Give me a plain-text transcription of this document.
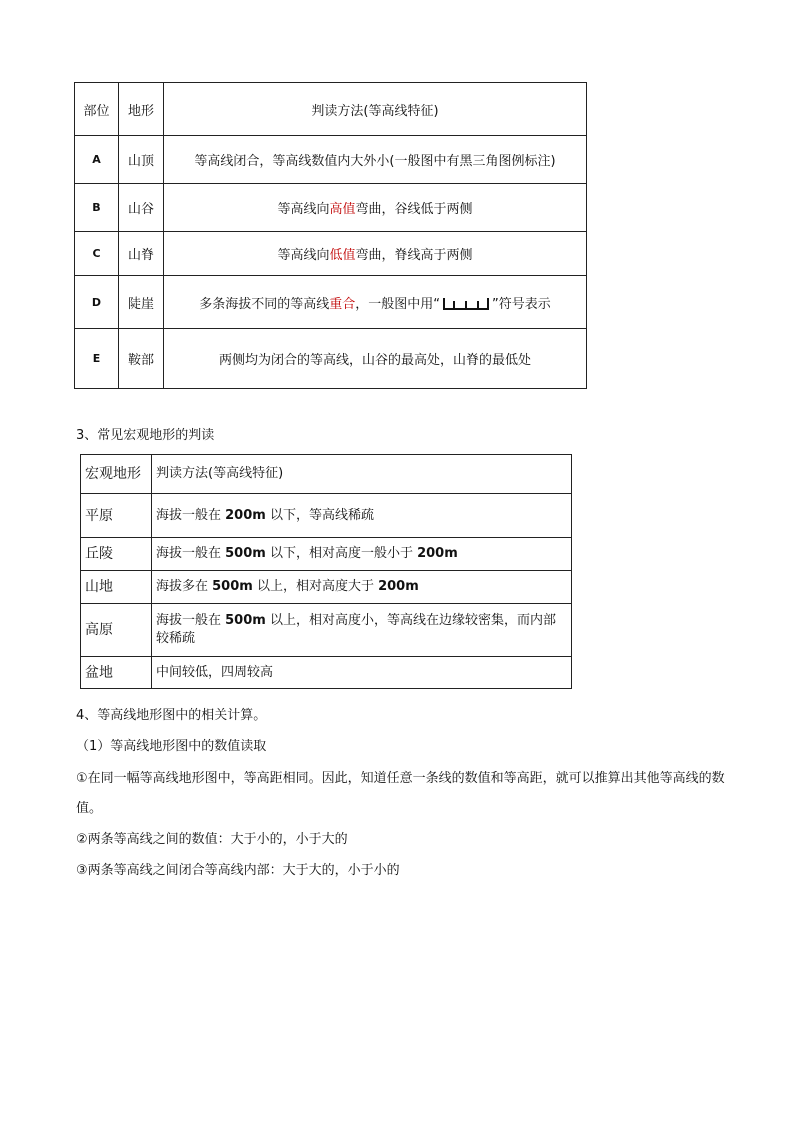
部位	地形	判读方法(等高线特征)
A	山顶	等高线闭合，等高线数值内大外小(一般图中有黑三角图例标注)
B	山谷	等高线向高值弯曲，谷线低于两侧
C	山脊	等高线向低值弯曲，脊线高于两侧
D	陡崖	多条海拔不同的等高线重合，一般图中用“ ”符号表示
E	鞍部	两侧均为闭合的等高线，山谷的最高处，山脊的最低处
3、常见宏观地形的判读
宏观地形	判读方法(等高线特征)
平原	海拔一般在 200m 以下，等高线稀疏
丘陵	海拔一般在 500m 以下，相对高度一般小于 200m
山地	海拔多在 500m 以上，相对高度大于 200m
高原	海拔一般在 500m 以上，相对高度小，等高线在边缘较密集，而内部较稀疏
盆地	中间较低，四周较高
4、等高线地形图中的相关计算。
（1）等高线地形图中的数值读取
①在同一幅等高线地形图中，等高距相同。因此，知道任意一条线的数值和等高距，就可以推算出其他等高线的数值。
②两条等高线之间的数值：大于小的，小于大的
③两条等高线之间闭合等高线内部：大于大的，小于小的
